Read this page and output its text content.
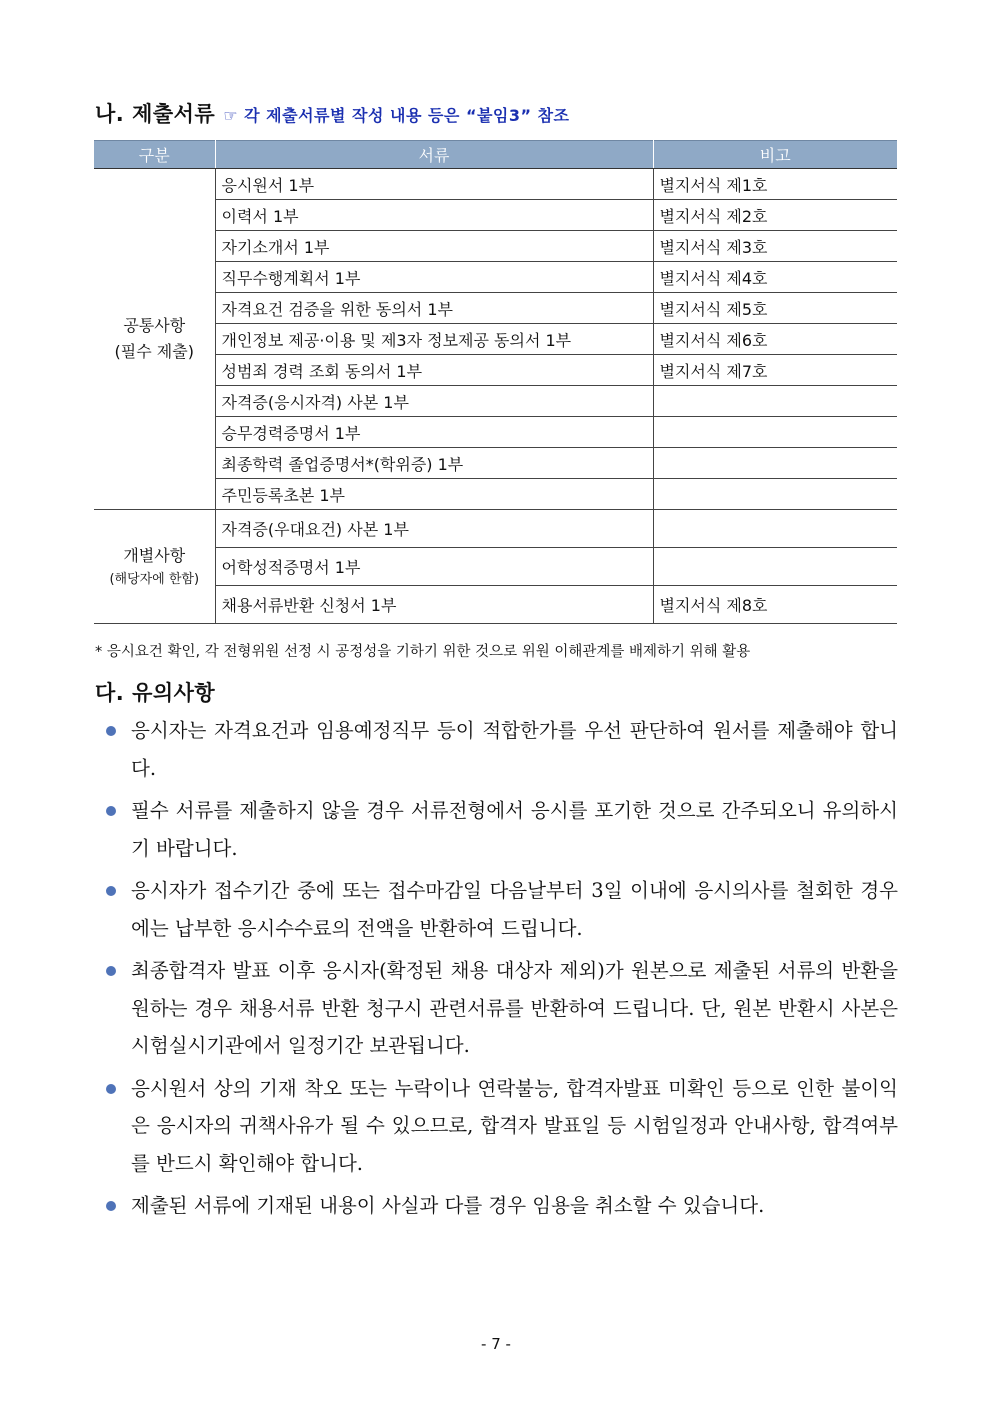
나. 제출서류 ☞ 각 제출서류별 작성 내용 등은 “붙임3” 참조
구분	서류	비고

공통사항
(필수 제출)	응시원서 1부	별지서식 제1호
	이력서 1부	별지서식 제2호
	자기소개서 1부	별지서식 제3호
	직무수행계획서 1부	별지서식 제4호
	자격요건 검증을 위한 동의서 1부	별지서식 제5호
	개인정보 제공·이용 및 제3자 정보제공 동의서 1부	별지서식 제6호
	성범죄 경력 조회 동의서 1부	별지서식 제7호
	자격증(응시자격) 사본 1부	
	승무경력증명서 1부	
	최종학력 졸업증명서*(학위증) 1부	
	주민등록초본 1부	

개별사항
(해당자에 한함)	자격증(우대요건) 사본 1부	
	어학성적증명서 1부	
	채용서류반환 신청서 1부	별지서식 제8호
* 응시요건 확인, 각 전형위원 선정 시 공정성을 기하기 위한 것으로 위원 이해관계를 배제하기 위해 활용
다. 유의사항
응시자는 자격요건과 임용예정직무 등이 적합한가를 우선 판단하여 원서를 제출해야 합니다.
필수 서류를 제출하지 않을 경우 서류전형에서 응시를 포기한 것으로 간주되오니 유의하시기 바랍니다.
응시자가 접수기간 중에 또는 접수마감일 다음날부터 3일 이내에 응시의사를 철회한 경우에는 납부한 응시수수료의 전액을 반환하여 드립니다.
최종합격자 발표 이후 응시자(확정된 채용 대상자 제외)가 원본으로 제출된 서류의 반환을 원하는 경우 채용서류 반환 청구시 관련서류를 반환하여 드립니다. 단, 원본 반환시 사본은 시험실시기관에서 일정기간 보관됩니다.
응시원서 상의 기재 착오 또는 누락이나 연락불능, 합격자발표 미확인 등으로 인한 불이익은 응시자의 귀책사유가 될 수 있으므로, 합격자 발표일 등 시험일정과 안내사항, 합격여부를 반드시 확인해야 합니다.
제출된 서류에 기재된 내용이 사실과 다를 경우 임용을 취소할 수 있습니다.
- 7 -
